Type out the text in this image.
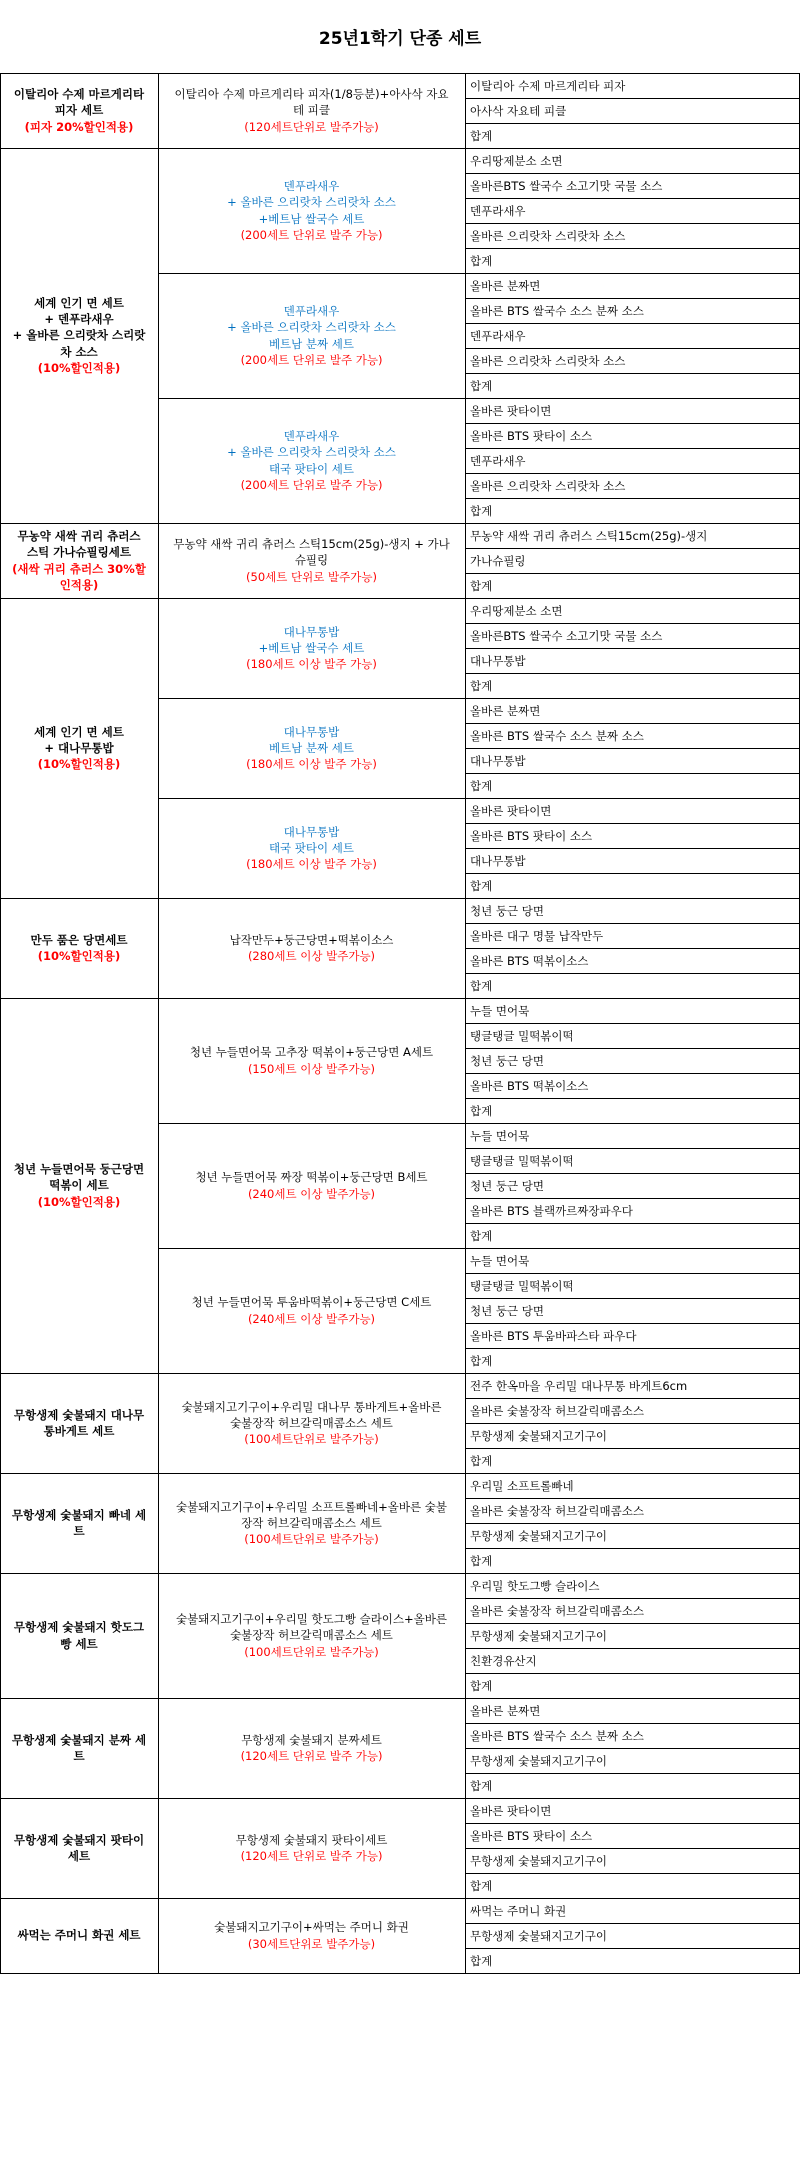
25년1학기 단종 세트
이탈리아 수제 마르게리타 피자(1/8등분)+아사삭 자요
테 피클
(120세트단위로 발주가능)
이탈리아 수제 마르게리타 피자
아사삭 자요테 피클
합계
이탈리아 수제 마르게리타
피자 세트
(피자 20%할인적용)
덴푸라새우
+ 올바른 으리랏차 스리랏차 소스
+베트남 쌀국수 세트
(200세트 단위로 발주 가능)
우리땅제분소 소면
올바른BTS 쌀국수 소고기맛 국물 소스
덴푸라새우
올바른 으리랏차 스리랏차 소스
합계
덴푸라새우
+ 올바른 으리랏차 스리랏차 소스
베트남 분짜 세트
(200세트 단위로 발주 가능)
올바른 분짜면
올바른 BTS 쌀국수 소스 분짜 소스
덴푸라새우
올바른 으리랏차 스리랏차 소스
합계
덴푸라새우
+ 올바른 으리랏차 스리랏차 소스
태국 팟타이 세트
(200세트 단위로 발주 가능)
올바른 팟타이면
올바른 BTS 팟타이 소스
덴푸라새우
올바른 으리랏차 스리랏차 소스
합계
세계 인기 면 세트
+ 덴푸라새우
+ 올바른 으리랏차 스리랏
차 소스
(10%할인적용)
무농약 새싹 귀리 츄러스 스틱15cm(25g)-생지 + 가나
슈필링
(50세트 단위로 발주가능)
무농약 새싹 귀리 츄러스 스틱15cm(25g)-생지
가나슈필링
합계
무농약 새싹 귀리 츄러스
스틱 가나슈필링세트
(새싹 귀리 츄러스 30%할
인적용)
대나무통밥
+베트남 쌀국수 세트
(180세트 이상 발주 가능)
우리땅제분소 소면
올바른BTS 쌀국수 소고기맛 국물 소스
대나무통밥
합계
대나무통밥
베트남 분짜 세트
(180세트 이상 발주 가능)
올바른 분짜면
올바른 BTS 쌀국수 소스 분짜 소스
대나무통밥
합계
대나무통밥
태국 팟타이 세트
(180세트 이상 발주 가능)
올바른 팟타이면
올바른 BTS 팟타이 소스
대나무통밥
합계
세계 인기 면 세트
+ 대나무통밥
(10%할인적용)
납작만두+둥근당면+떡볶이소스
(280세트 이상 발주가능)
청년 둥근 당면
올바른 대구 명물 납작만두
올바른 BTS 떡볶이소스
합계
만두 품은 당면세트
(10%할인적용)
청년 누들면어묵 고추장 떡볶이+둥근당면 A세트
(150세트 이상 발주가능)
누들 면어묵
탱글탱글 밀떡볶이떡
청년 둥근 당면
올바른 BTS 떡볶이소스
합계
청년 누들면어묵 짜장 떡볶이+둥근당면 B세트
(240세트 이상 발주가능)
누들 면어묵
탱글탱글 밀떡볶이떡
청년 둥근 당면
올바른 BTS 블랙까르짜장파우다
합계
청년 누들면어묵 투움바떡볶이+둥근당면 C세트
(240세트 이상 발주가능)
누들 면어묵
탱글탱글 밀떡볶이떡
청년 둥근 당면
올바른 BTS 투움바파스타 파우다
합계
청년 누들면어묵 둥근당면
떡볶이 세트
(10%할인적용)
숯불돼지고기구이+우리밀 대나무 통바게트+올바른
숯불장작 허브갈릭매콤소스 세트
(100세트단위로 발주가능)
전주 한옥마을 우리밀 대나무통 바게트6cm
올바른 숯불장작 허브갈릭매콤소스
무항생제 숯불돼지고기구이
합계
무항생제 숯불돼지 대나무
통바게트 세트
숯불돼지고기구이+우리밀 소프트롤빠네+올바른 숯불
장작 허브갈릭매콤소스 세트
(100세트단위로 발주가능)
우리밀 소프트롤빠네
올바른 숯불장작 허브갈릭매콤소스
무항생제 숯불돼지고기구이
합계
무항생제 숯불돼지 빠네 세
트
숯불돼지고기구이+우리밀 핫도그빵 슬라이스+올바른
숯불장작 허브갈릭매콤소스 세트
(100세트단위로 발주가능)
우리밀 핫도그빵 슬라이스
올바른 숯불장작 허브갈릭매콤소스
무항생제 숯불돼지고기구이
친환경유산지
합계
무항생제 숯불돼지 핫도그
빵 세트
무항생제 숯불돼지 분짜세트
(120세트 단위로 발주 가능)
올바른 분짜면
올바른 BTS 쌀국수 소스 분짜 소스
무항생제 숯불돼지고기구이
합계
무항생제 숯불돼지 분짜 세
트
무항생제 숯불돼지 팟타이세트
(120세트 단위로 발주 가능)
올바른 팟타이면
올바른 BTS 팟타이 소스
무항생제 숯불돼지고기구이
합계
무항생제 숯불돼지 팟타이
세트
숯불돼지고기구이+싸먹는 주머니 화권
(30세트단위로 발주가능)
싸먹는 주머니 화권
무항생제 숯불돼지고기구이
합계
싸먹는 주머니 화권 세트
